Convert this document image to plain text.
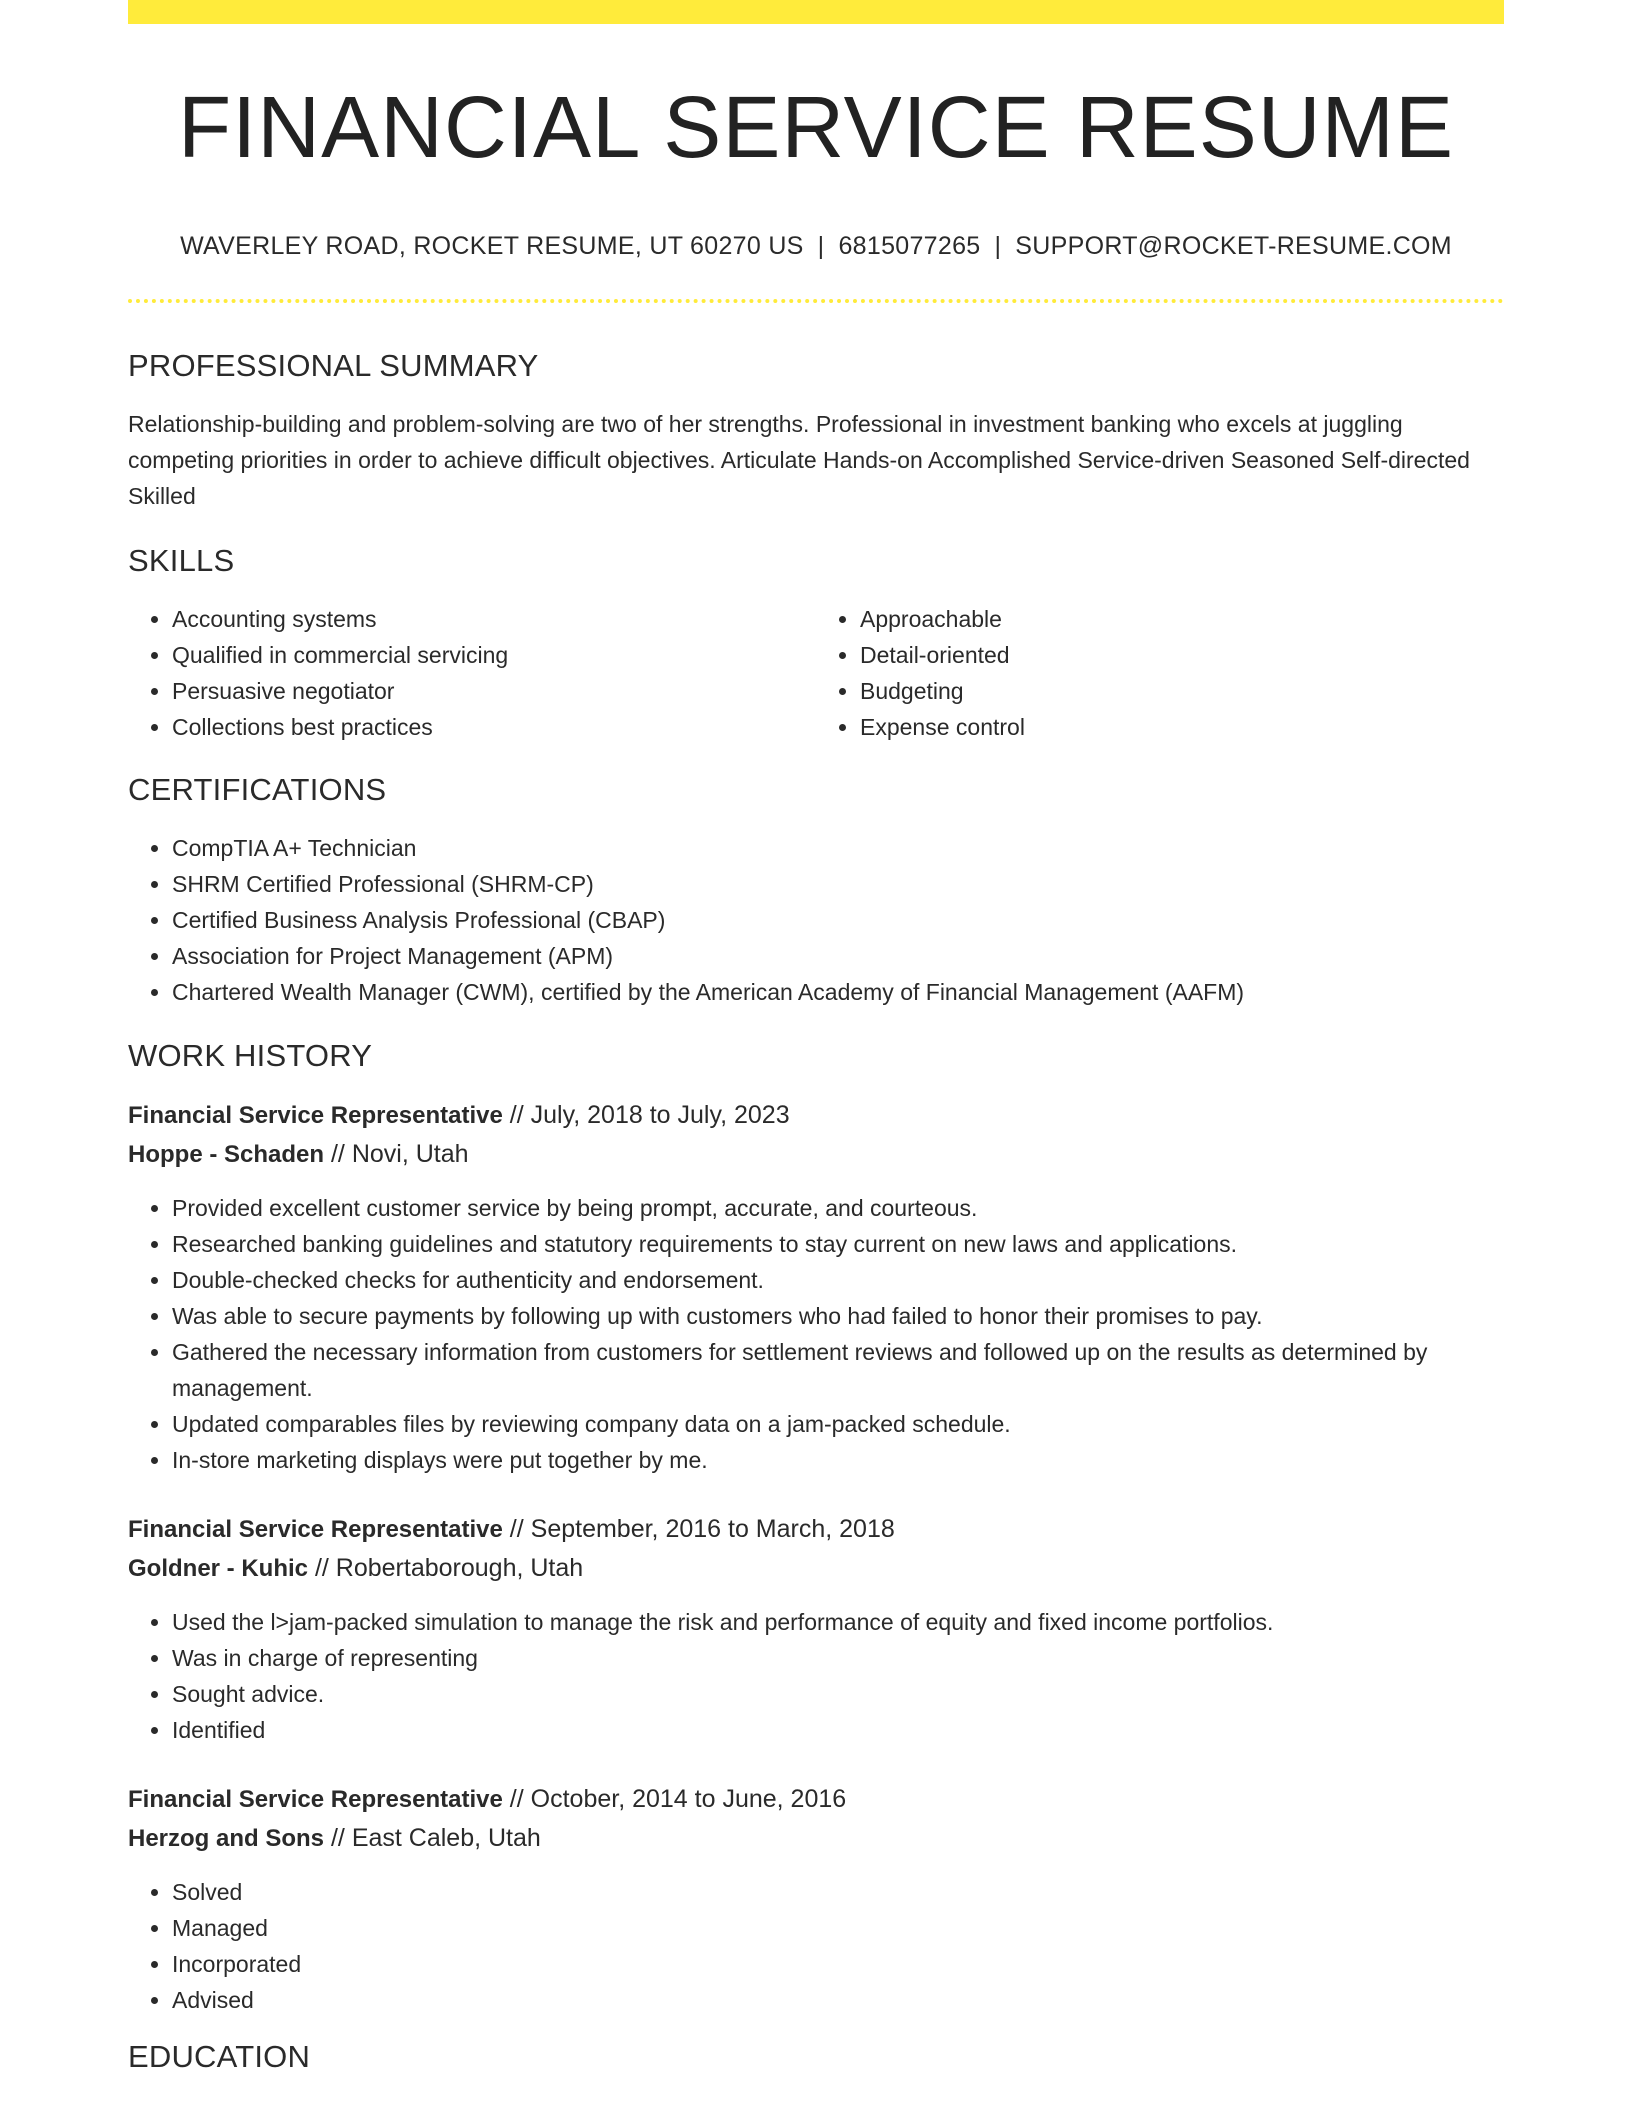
FINANCIAL SERVICE RESUME
WAVERLEY ROAD, ROCKET RESUME, UT 60270 US | 6815077265 | SUPPORT@ROCKET-RESUME.COM
PROFESSIONAL SUMMARY

Relationship-building and problem-solving are two of her strengths. Professional in investment banking who excels at juggling competing priorities in order to achieve difficult objectives. Articulate Hands-on Accomplished Service-driven Seasoned Self-directed Skilled

SKILLS
• Accounting systems
• Qualified in commercial servicing
• Persuasive negotiator
• Collections best practices
• Approachable
• Detail-oriented
• Budgeting
• Expense control
CERTIFICATIONS
• CompTIA A+ Technician
• SHRM Certified Professional (SHRM-CP)
• Certified Business Analysis Professional (CBAP)
• Association for Project Management (APM)
• Chartered Wealth Manager (CWM), certified by the American Academy of Financial Management (AAFM)
WORK HISTORY

Financial Service Representative // July, 2018 to July, 2023

Hoppe - Schaden // Novi, Utah

• Provided excellent customer service by being prompt, accurate, and courteous.
• Researched banking guidelines and statutory requirements to stay current on new laws and applications.
• Double-checked checks for authenticity and endorsement.
• Was able to secure payments by following up with customers who had failed to honor their promises to pay.
• Gathered the necessary information from customers for settlement reviews and followed up on the results as determined by management.
• Updated comparables files by reviewing company data on a jam-packed schedule.
• In-store marketing displays were put together by me.

Financial Service Representative // September, 2016 to March, 2018

Goldner - Kuhic // Robertaborough, Utah

• Used the l>jam-packed simulation to manage the risk and performance of equity and fixed income portfolios.
• Was in charge of representing
• Sought advice.
• Identified

Financial Service Representative // October, 2014 to June, 2016

Herzog and Sons // East Caleb, Utah

• Solved
• Managed
• Incorporated
• Advised
EDUCATION
